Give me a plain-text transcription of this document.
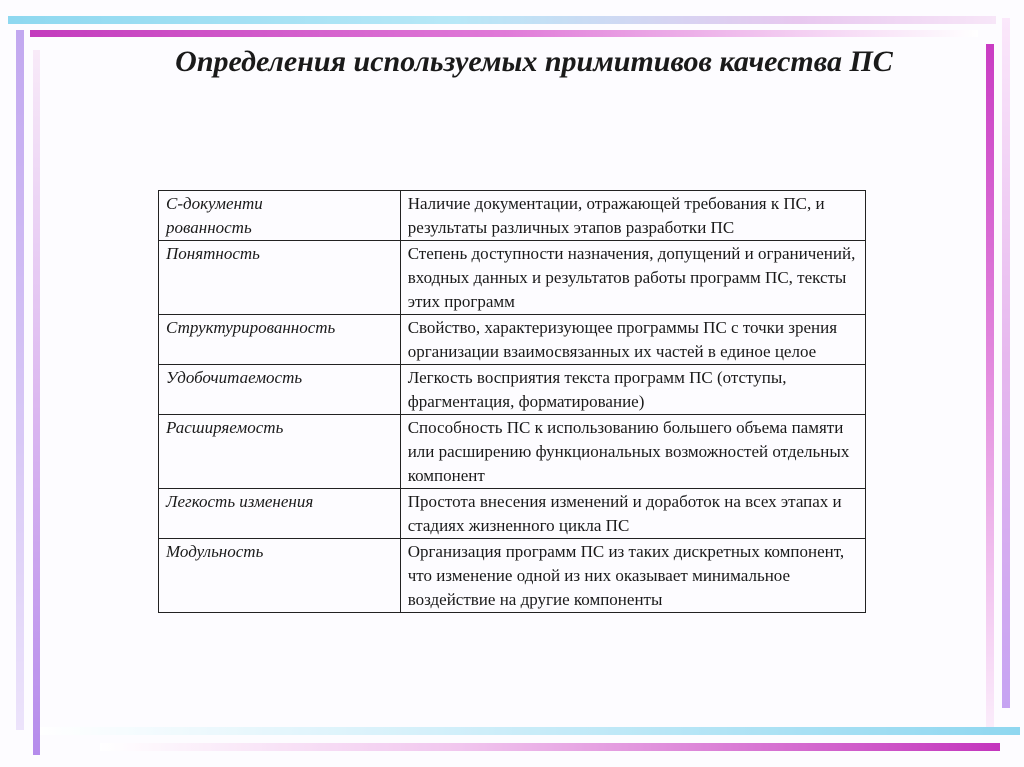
Определения используемых примитивов качества ПС
С-документи рованность	Наличие документации, отражающей требования к ПС, и результаты различных этапов разработки ПС
Понятность	Степень доступности назначения, допущений и ограничений, входных данных и результатов работы программ ПС, тексты этих программ
Структурированность	Свойство, характеризующее программы ПС с точки зрения организации взаимосвязанных их частей в единое целое
Удобочитаемость	Легкость восприятия текста программ ПС (отступы, фрагментация, форматирование)
Расширяемость	Способность ПС к использованию большего объема памяти или расширению функциональных возможностей отдельных компонент
Легкость изменения	Простота внесения изменений и доработок на всех этапах и стадиях жизненного цикла ПС
Модульность	Организация программ ПС из таких дискретных компонент, что изменение одной из них оказывает минимальное воздействие на другие компоненты
